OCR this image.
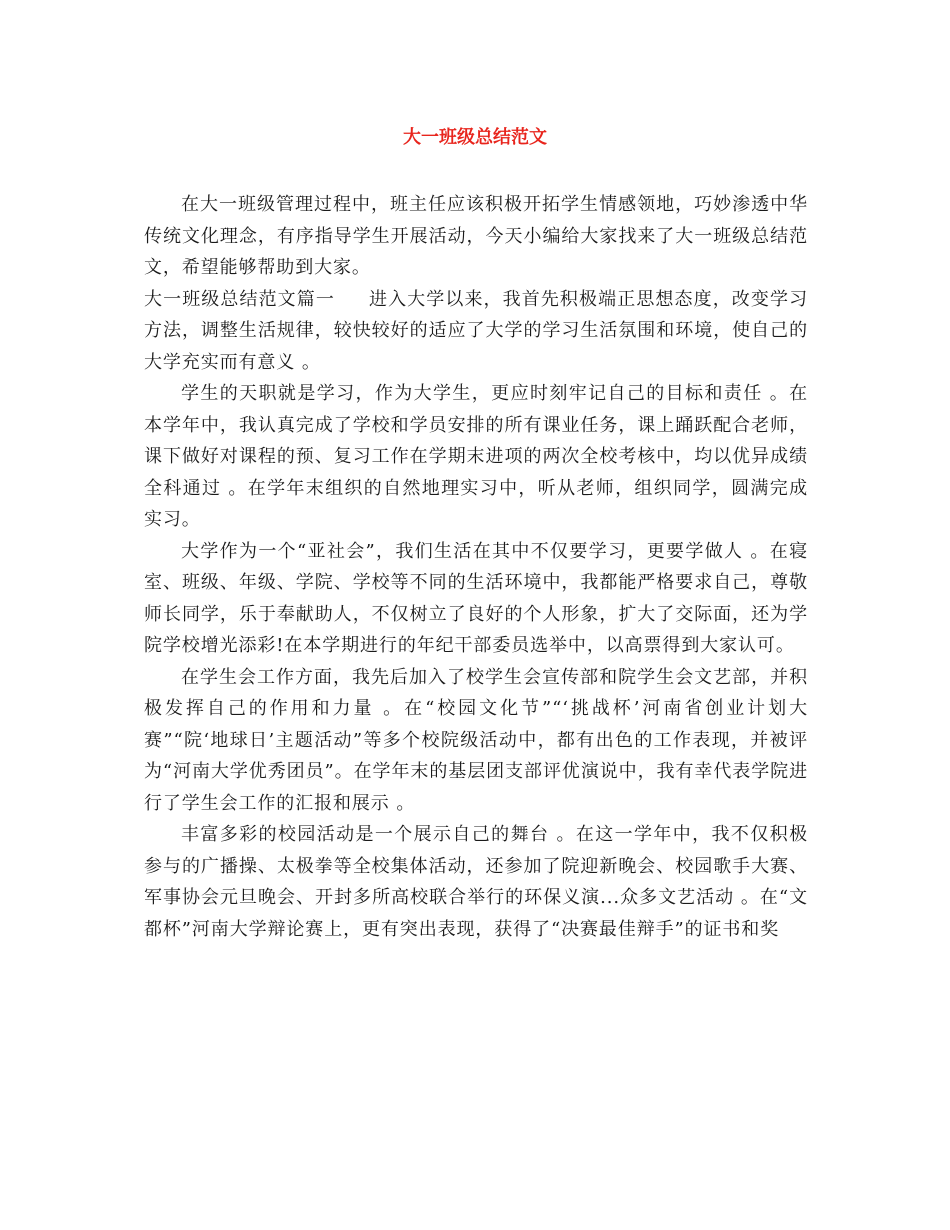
大一班级总结范文

在大一班级管理过程中，班主任应该积极开拓学生情感领地，巧妙渗透中华传统文化理念，有序指导学生开展活动，今天小编给大家找来了大一班级总结范文，希望能够帮助到大家。

大一班级总结范文篇一 进入大学以来，我首先积极端正思想态度，改变学习方法，调整生活规律，较快较好的适应了大学的学习生活氛围和环境，使自己的大学充实而有意义 。

学生的天职就是学习，作为大学生，更应时刻牢记自己的目标和责任 。在本学年中，我认真完成了学校和学员安排的所有课业任务，课上踊跃配合老师，课下做好对课程的预、复习工作在学期末进项的两次全校考核中，均以优异成绩全科通过 。在学年末组织的自然地理实习中，听从老师，组织同学，圆满完成实习。

大学作为一个“亚社会”，我们生活在其中不仅要学习，更要学做人 。在寝室、班级、年级、学院、学校等不同的生活环境中，我都能严格要求自己，尊敬师长同学，乐于奉献助人，不仅树立了良好的个人形象，扩大了交际面，还为学院学校增光添彩!在本学期进行的年纪干部委员选举中，以高票得到大家认可。

在学生会工作方面，我先后加入了校学生会宣传部和院学生会文艺部，并积极发挥自己的作用和力量 。在“校园文化节”“‘挑战杯’河南省创业计划大赛”“院‘地球日’主题活动”等多个校院级活动中，都有出色的工作表现，并被评为“河南大学优秀团员”。在学年末的基层团支部评优演说中，我有幸代表学院进行了学生会工作的汇报和展示 。

丰富多彩的校园活动是一个展示自己的舞台 。在这一学年中，我不仅积极参与的广播操、太极拳等全校集体活动，还参加了院迎新晚会、校园歌手大赛、军事协会元旦晚会、开封多所高校联合举行的环保义演...众多文艺活动 。在“文都杯”河南大学辩论赛上，更有突出表现，获得了“决赛最佳辩手”的证书和奖
